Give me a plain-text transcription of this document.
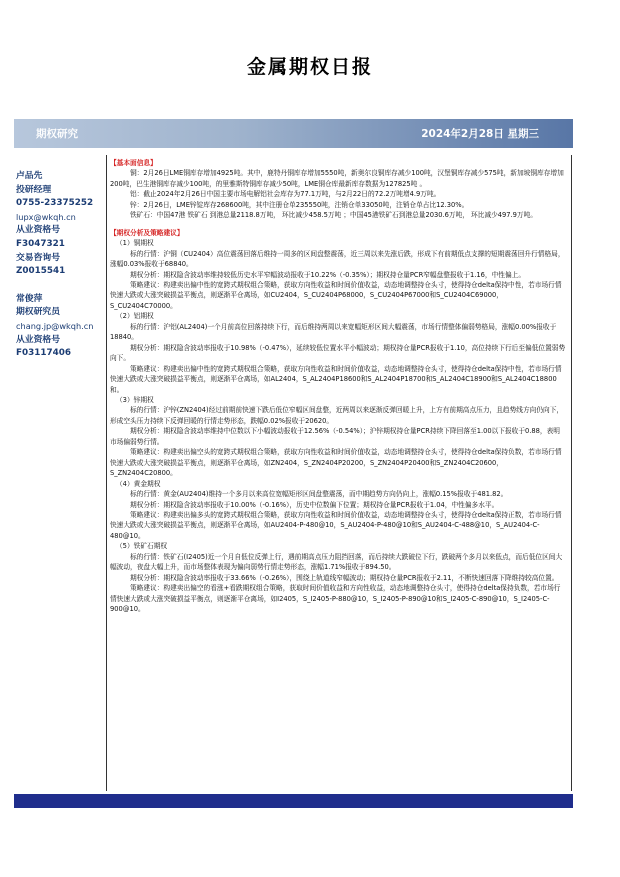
金属期权日报
期权研究	2024年2月28日 星期三
卢品先
投研经理
0755-23375252
lupx@wkqh.cn
从业资格号
F3047321
交易咨询号
Z0015541
常俊萍
期权研究员
chang.jp@wkqh.cn
从业资格号
F03117406

【基本面信息】

铜：2月26日LME铜库存增加4925吨。其中，鹿特丹铜库存增加5550吨，新奥尔良铜库存减少100吨，汉堡铜库存减少575吨，新加坡铜库存增加200吨，巴生港铜库存减少100吨，的里雅斯特铜库存减少50吨，LME铜仓库最新库存数据为127825吨 。

铝：截止2024年2月26日中国主要市场电解铝社会库存为77.1万吨，与2月22日的72.2万吨增4.9万吨。

锌：2月26日，LME锌锭库存268600吨，其中注册仓单235550吨，注销仓单33050吨，注销仓单占比12.30%。

铁矿石：中国47港 铁矿石 到港总量2118.8万吨， 环比减少458.5万吨 ；中国45港铁矿石到港总量2030.6万吨， 环比减少497.9万吨。

【期权分析及策略建议】

（1）铜期权

标的行情：沪铜（CU2404）高位震荡回落后维持一周多的区间盘整震荡，近三周以来先涨后跌，形成下有前期低点支撑的短期震荡回升行情格局，涨幅0.03%报收于68840。

期权分析：期权隐含波动率维持较低历史水平窄幅波动报收于10.22%（-0.35%）；期权持仓量PCR窄幅盘整报收于1.16，中性偏上。

策略建议：构建卖出偏中性的宽跨式期权组合策略，获取方向性收益和时间价值收益，动态地调整持仓头寸，使得持仓delta保持中性，若市场行情快速大跌或大涨突破损益平衡点，则逐渐平仓离场，如CU2404，S_CU2404P68000，S_CU2404P67000和S_CU2404C69000，S_CU2404C70000。

（2）铝期权

标的行情：沪铝(AL2404)一个月前高位回落持续下行，而后维持两周以来宽幅矩形区间大幅震荡，市场行情整体偏弱势格局，涨幅0.00%报收于18840。

期权分析：期权隐含波动率报收于10.98%（-0.47%），延续较低位置水平小幅波动；期权持仓量PCR报收于1.10，高位持续下行后至偏低位置弱势向下。

策略建议：构建卖出偏中性的宽跨式期权组合策略，获取方向性收益和时间价值收益，动态地调整持仓头寸，使得持仓delta保持中性，若市场行情快速大跌或大涨突破损益平衡点，则逐渐平仓离场，如AL2404，S_AL2404P18600和S_AL2404P18700和S_AL2404C18900和S_AL2404C18800和。

（3）锌期权

标的行情：沪锌(ZN2404)经过前期前快速下跌后低位窄幅区间盘整，近两周以来逐渐反弹回暖上升，上方有前期高点压力，且趋势线方向仍向下，形成空头压力持续下反弹回暖的行情走势形态，跌幅0.02%报收于20620。

期权分析：期权隐含波动率维持中位数以下小幅波动报收于12.56%（-0.54%）；沪锌期权持仓量PCR持续下降回落至1.00以下报收于0.88，表明市场偏弱势行情。

策略建议：构建卖出偏空头的宽跨式期权组合策略，获取方向性收益和时间价值收益，动态地调整持仓头寸，使得持仓delta保持负数，若市场行情快速大跌或大涨突破损益平衡点，则逐渐平仓离场，如ZN2404，S_ZN2404P20200，S_ZN2404P20400和S_ZN2404C20600，S_ZN2404C20800。

（4）黄金期权

标的行情：黄金(AU2404)维持一个多月以来高位宽幅矩形区间盘整震荡，而中期趋势方向仍向上，涨幅0.15%报收于481.82。

期权分析：期权隐含波动率报收于10.00%（-0.16%），历史中位数偏下位置；期权持仓量PCR报收于1.04，中性偏多水平。

策略建议：构建卖出偏多头的宽跨式期权组合策略，获取方向性收益和时间价值收益，动态地调整持仓头寸，使得持仓delta保持正数，若市场行情快速大跌或大涨突破损益平衡点，则逐渐平仓离场，如AU2404-P-480@10，S_AU2404-P-480@10和S_AU2404-C-488@10，S_AU2404-C-480@10。

（5）铁矿石期权

标的行情：铁矿石(I2405)近一个月自低位反弹上行，遇前期高点压力阻挡回落，而后持续大跌破位下行，跌破两个多月以来低点，而后低位区间大幅波动，夜盘大幅上升，而市场整体表现为偏向弱势行情走势形态，涨幅1.71%报收于894.50。

期权分析：期权隐含波动率报收于33.66%（-0.26%），围绕上轨道线窄幅波动；期权持仓量PCR报收于2.11，不断快速回落下降维持较高位置。

策略建议：构建卖出偏空的看涨+看跌期权组合策略，获取时间价值收益和方向性收益，动态地调整持仓头寸，使得持仓delta保持负数，若市场行情快速大跌或大涨突破损益平衡点，则逐渐平仓离场，如I2405，S_I2405-P-880@10，S_I2405-P-890@10和S_I2405-C-890@10，S_I2405-C-900@10。
